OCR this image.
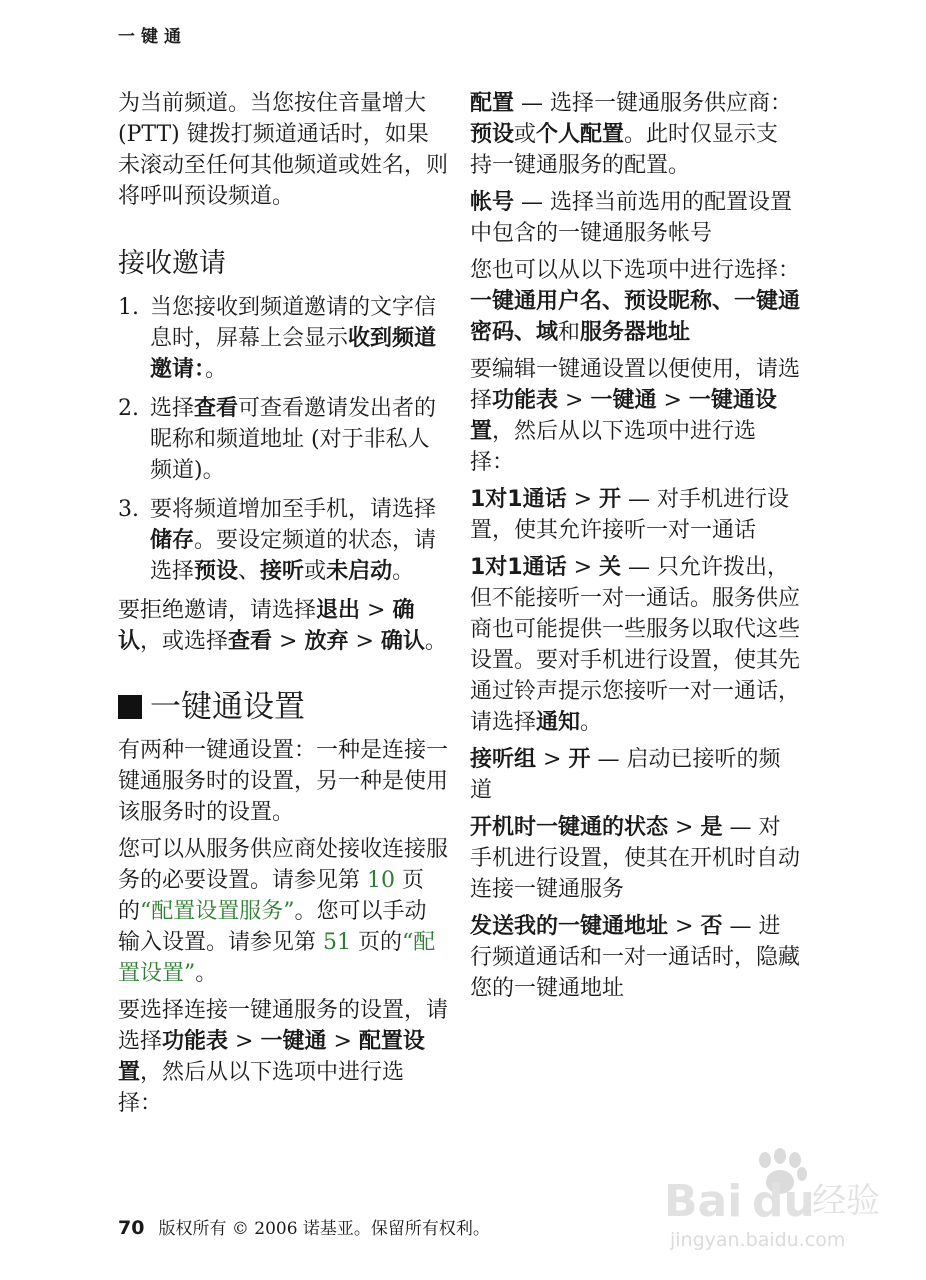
一键通

为当前频道。当您按住音量增大 (PTT) 键拨打频道通话时，如果未滚动至任何其他频道或姓名，则将呼叫预设频道。

接收邀请
1. 当您接收到频道邀请的文字信息时，屏幕上会显示收到频道邀请：。
2. 选择查看可查看邀请发出者的昵称和频道地址 (对于非私人频道)。
3. 要将频道增加至手机，请选择储存。要设定频道的状态，请选择预设、接听或未启动。

要拒绝邀请，请选择退出 > 确认，或选择查看 > 放弃 > 确认。

一键通设置

有两种一键通设置：一种是连接一键通服务时的设置，另一种是使用该服务时的设置。

您可以从服务供应商处接收连接服务的必要设置。请参见第 10 页的“配置设置服务”。您可以手动输入设置。请参见第 51 页的“配置设置”。

要选择连接一键通服务的设置，请选择功能表 > 一键通 > 配置设置，然后从以下选项中进行选择：

配置 — 选择一键通服务供应商：预设或个人配置。此时仅显示支持一键通服务的配置。

帐号 — 选择当前选用的配置设置中包含的一键通服务帐号

您也可以从以下选项中进行选择：一键通用户名、预设昵称、一键通密码、域和服务器地址

要编辑一键通设置以便使用，请选择功能表 > 一键通 > 一键通设置，然后从以下选项中进行选择：

1对1通话 > 开 — 对手机进行设置，使其允许接听一对一通话

1对1通话 > 关 — 只允许拨出，但不能接听一对一通话。服务供应商也可能提供一些服务以取代这些设置。要对手机进行设置，使其先通过铃声提示您接听一对一通话，请选择通知。

接听组 > 开 — 启动已接听的频道

开机时一键通的状态 > 是 — 对手机进行设置，使其在开机时自动连接一键通服务

发送我的一键通地址 > 否 — 进行频道通话和一对一通话时，隐藏您的一键通地址

70 版权所有 © 2006 诺基亚。保留所有权利。
Bai du
经验
jingyan.baidu.com
